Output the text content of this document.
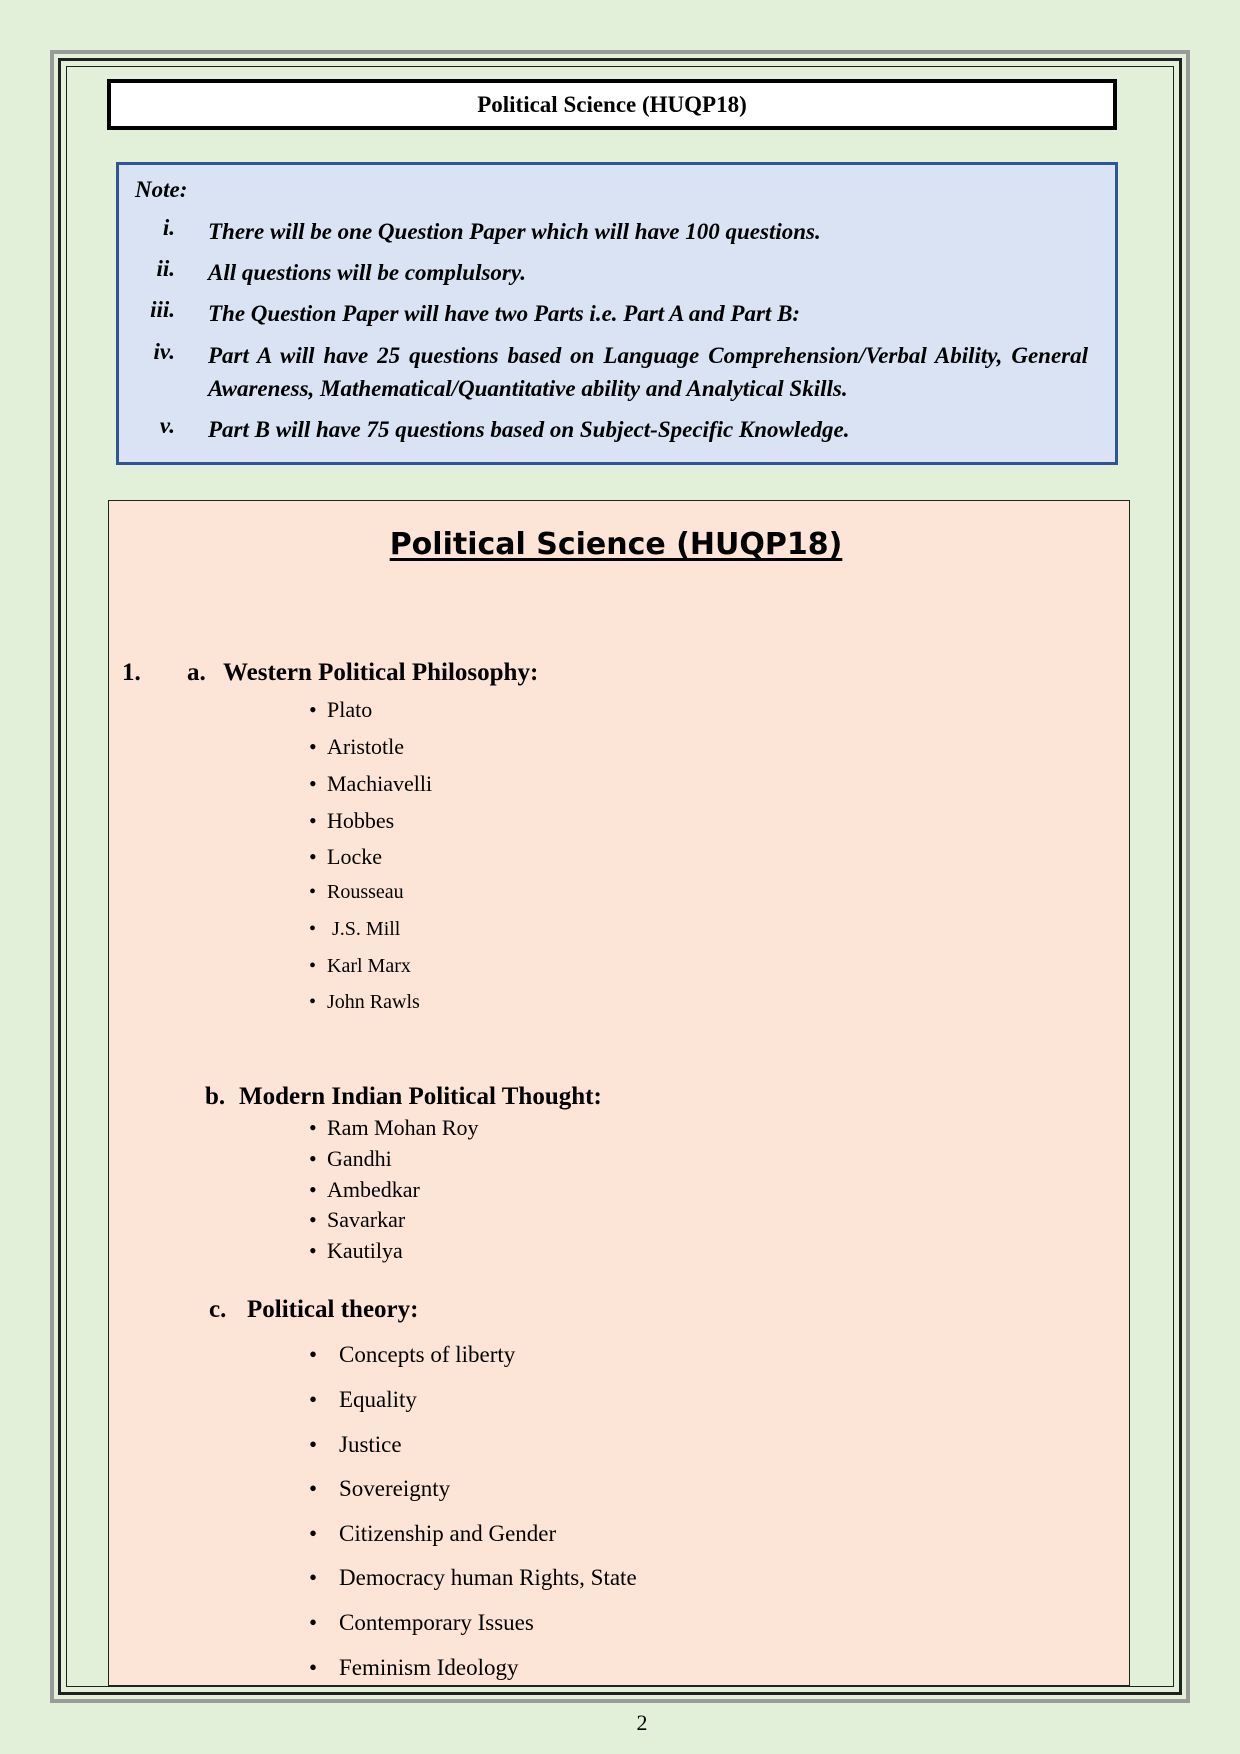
Political Science (HUQP18)
Note:
i. There will be one Question Paper which will have 100 questions.
ii. All questions will be complulsory.
iii. The Question Paper will have two Parts i.e. Part A and Part B:
iv. Part A will have 25 questions based on Language Comprehension/Verbal Ability, General Awareness, Mathematical/Quantitative ability and Analytical Skills.
v. Part B will have 75 questions based on Subject-Specific Knowledge.
Political Science (HUQP18)
1. a. Western Political Philosophy:
• Plato
• Aristotle
• Machiavelli
• Hobbes
• Locke
• Rousseau
• J.S. Mill
• Karl Marx
• John Rawls
b. Modern Indian Political Thought:
• Ram Mohan Roy
• Gandhi
• Ambedkar
• Savarkar
• Kautilya
c. Political theory:
• Concepts of liberty
• Equality
• Justice
• Sovereignty
• Citizenship and Gender
• Democracy human Rights, State
• Contemporary Issues
• Feminism Ideology
2
